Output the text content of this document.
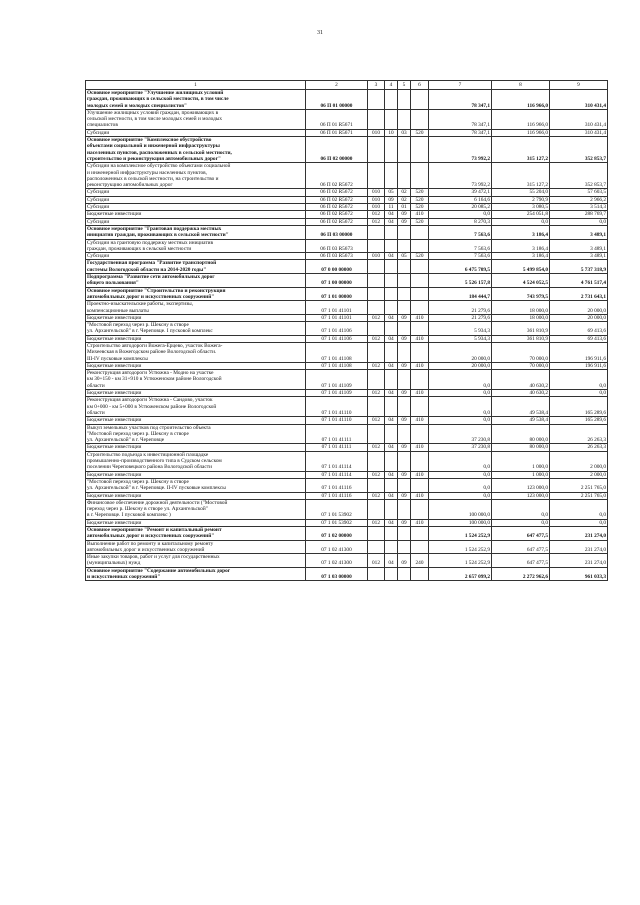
31
1	2	3	4	5	6	7	8	9
Основное мероприятие "Улучшение жилищных условий
граждан, проживающих в сельской местности, в том числе
молодых семей и молодых специалистов"	06 П 01 00000					78 347,1	116 966,0	310 431,4
Улучшение жилищных условий граждан, проживающих в
сельской местности, в том числе молодых семей и молодых
специалистов	06 П 01 R5671					78 347,1	116 966,0	310 431,4
Субсидии	06 П 01 R5671	010	10	03	520	78 347,1	116 966,0	310 431,4
Основное мероприятие "Комплексное обустройство
объектами социальной и инженерной инфраструктуры
населенных пунктов, расположенных в сельской местности,
строительство и реконструкция автомобильных дорог"	06 П 02 00000					73 992,2	315 127,2	352 853,7
Субсидии на комплексное обустройство объектами социальной
и инженерной инфраструктуры населенных пунктов,
расположенных в сельской местности, на строительство и
реконструкцию автомобильных дорог	06 П 02 R5672					73 992,2	315 127,2	352 853,7
Субсидии	06 П 02 R5672	010	05	02	520	39 472,1	55 204,0	57 603,5
Субсидии	06 П 02 R5672	010	09	02	520	6 164,6	2 790,9	2 966,2
Субсидии	06 П 02 R5672	010	11	01	520	20 085,2	3 080,5	3 514,3
Бюджетные инвестиции	06 П 02 R5672	012	04	09	410	0,0	254 051,8	288 769,7
Субсидии	06 П 02 R5672	012	04	09	520	8 270,3	0,0	0,0
Основное мероприятие "Грантовая поддержка местных
инициатив граждан, проживающих в сельской местности"	06 П 03 00000					7 563,6	3 186,4	3 489,1
Субсидии на грантовую поддержку местных инициатив
граждан, проживающих в сельской местности	06 П 03 R5673					7 563,6	3 186,4	3 489,1
Субсидии	06 П 03 R5673	010	04	05	520	7 563,6	3 186,4	3 489,1
Государственная программа "Развитие транспортной
системы Вологодской области на 2014-2020 годы"	07 0 00 00000					6 475 709,5	5 499 854,0	5 737 318,9
Подпрограмма "Развитие сети автомобильных дорог
общего пользования"	07 1 00 00000					5 526 157,8	4 524 052,5	4 761 517,4
Основное мероприятие "Строительство и реконструкция
автомобильных дорог и искусственных сооружений"	07 1 01 00000					184 444,7	743 979,5	2 731 643,1
Проектно-изыскательские работы, экспертизы,
компенсационные выплаты	07 1 01 41101					21 279,6	18 000,0	20 000,0
Бюджетные инвестиции	07 1 01 41101	012	04	09	410	21 279,6	18 000,0	20 000,0
"Мостовой переход через р. Шексну в створе
ул. Архангельской" в г. Череповце. I пусковой комплекс	07 1 01 41106					5 934,3	361 810,9	69 413,6
Бюджетные инвестиции	07 1 01 41106	012	04	09	410	5 934,3	361 810,9	69 413,6
Строительство автодороги Вожега-Ерцево, участок Вожега-
Михеевская в Вожегодском районе Вологодской области.
III-IV пусковые комплексы	07 1 01 41108					20 000,0	70 000,0	196 911,6
Бюджетные инвестиции	07 1 01 41108	012	04	09	410	20 000,0	70 000,0	196 911,6
Реконструкция автодороги Устюжна - Модно на участке
км 30+150 - км 31+910 в Устюженском районе Вологодской
области	07 1 01 41109					0,0	40 630,2	0,0
Бюджетные инвестиции	07 1 01 41109	012	04	09	410	0,0	40 630,2	0,0
Реконструкция автодороги Устюжна - Сандово, участок
км 0+000 - км 5+000 в Устюженском районе Вологодской
области	07 1 01 41110					0,0	49 538,4	165 289,6
Бюджетные инвестиции	07 1 01 41110	012	04	09	410	0,0	49 538,4	165 289,6
Выкуп земельных участков под строительство объекта
"Мостовой переход через р. Шексну в створе
ул. Архангельской" в г. Череповце	07 1 01 41111					37 230,8	80 000,0	26 263,3
Бюджетные инвестиции	07 1 01 41111	012	04	09	410	37 230,8	80 000,0	26 263,3
Строительство подъезда к инвестиционной площадке
промышленно-производственного типа в Судском сельском
поселении Череповецкого района Вологодской области	07 1 01 41114					0,0	1 000,0	2 000,0
Бюджетные инвестиции	07 1 01 41114	012	04	09	410	0,0	1 000,0	2 000,0
"Мостовой переход через р. Шексну в створе
ул. Архангельской" в г. Череповце. II-IV пусковые комплексы	07 1 01 41116					0,0	123 000,0	2 251 765,0
Бюджетные инвестиции	07 1 01 41116	012	04	09	410	0,0	123 000,0	2 251 765,0
Финансовое обеспечение дорожной деятельности ("Мостовой
переход через р. Шексну в створе ул. Архангельской"
в г. Череповце. I пусковой комплекс )	07 1 01 53902					100 000,0	0,0	0,0
Бюджетные инвестиции	07 1 01 53902	012	04	09	410	100 000,0	0,0	0,0
Основное мероприятие "Ремонт и капитальный ремонт
автомобильных дорог и искусственных сооружений"	07 1 02 00000					1 524 252,9	647 477,5	231 274,0
Выполнение работ по ремонту и капитальному ремонту
автомобильных дорог и искусственных сооружений	07 1 02 41300					1 524 252,9	647 477,5	231 274,0
Иные закупки товаров, работ и услуг для государственных
(муниципальных) нужд	07 1 02 41300	012	04	09	240	1 524 252,9	647 477,5	231 274,0
Основное мероприятие "Содержание автомобильных дорог
и искусственных сооружений"	07 1 03 00000					2 657 099,2	2 272 962,6	961 033,3
